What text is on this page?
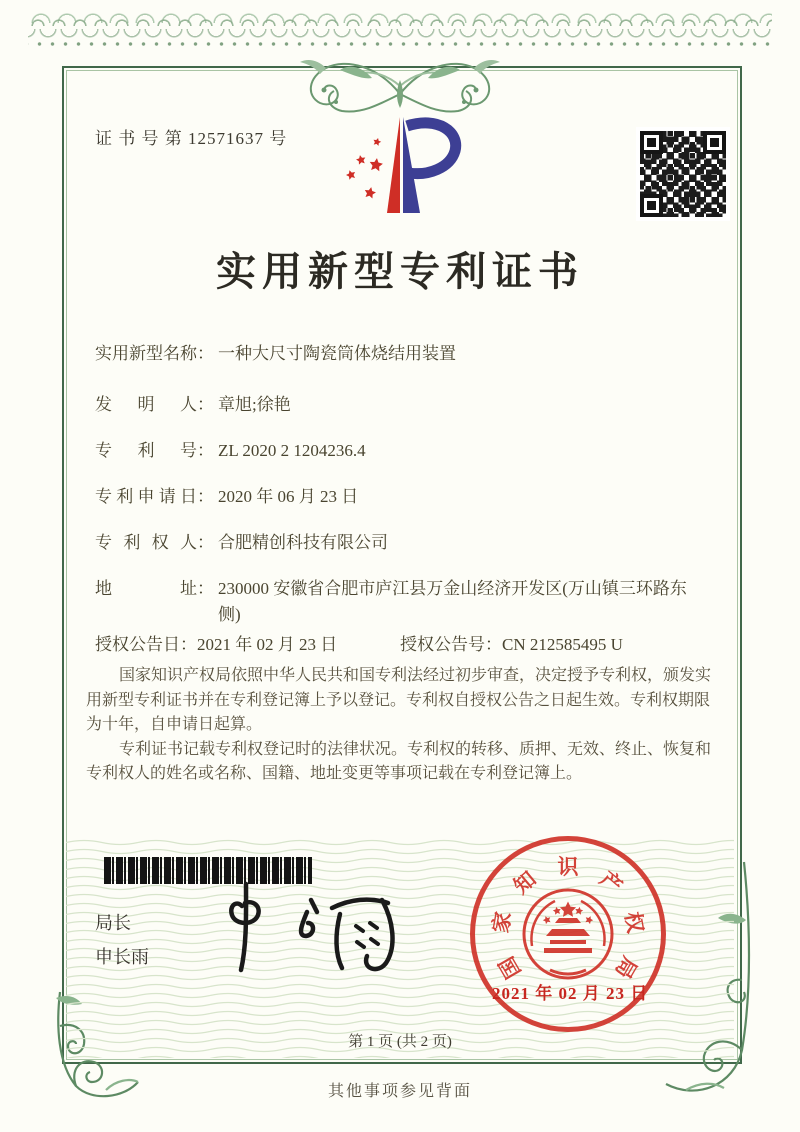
证 书 号 第 12571637 号
实用新型专利证书
实用新型名称 ： 一种大尺寸陶瓷筒体烧结用装置
发明人 ： 章旭;徐艳
专利号 ： ZL 2020 2 1204236.4
专利申请日 ： 2020 年 06 月 23 日
专利权人 ： 合肥精创科技有限公司
地址 ： 230000 安徽省合肥市庐江县万金山经济开发区(万山镇三环路东侧)
授权公告日：2021 年 02 月 23 日	授权公告号：CN 212585495 U

国家知识产权局依照中华人民共和国专利法经过初步审查，决定授予专利权，颁发实用新型专利证书并在专利登记簿上予以登记。专利权自授权公告之日起生效。专利权期限为十年，自申请日起算。

专利证书记载专利权登记时的法律状况。专利权的转移、质押、无效、终止、恢复和专利权人的姓名或名称、国籍、地址变更等事项记载在专利登记簿上。

局长
申长雨	国
家
知 识 产
权
局
2021 年 02 月 23 日
第 1 页 (共 2 页)
其他事项参见背面
